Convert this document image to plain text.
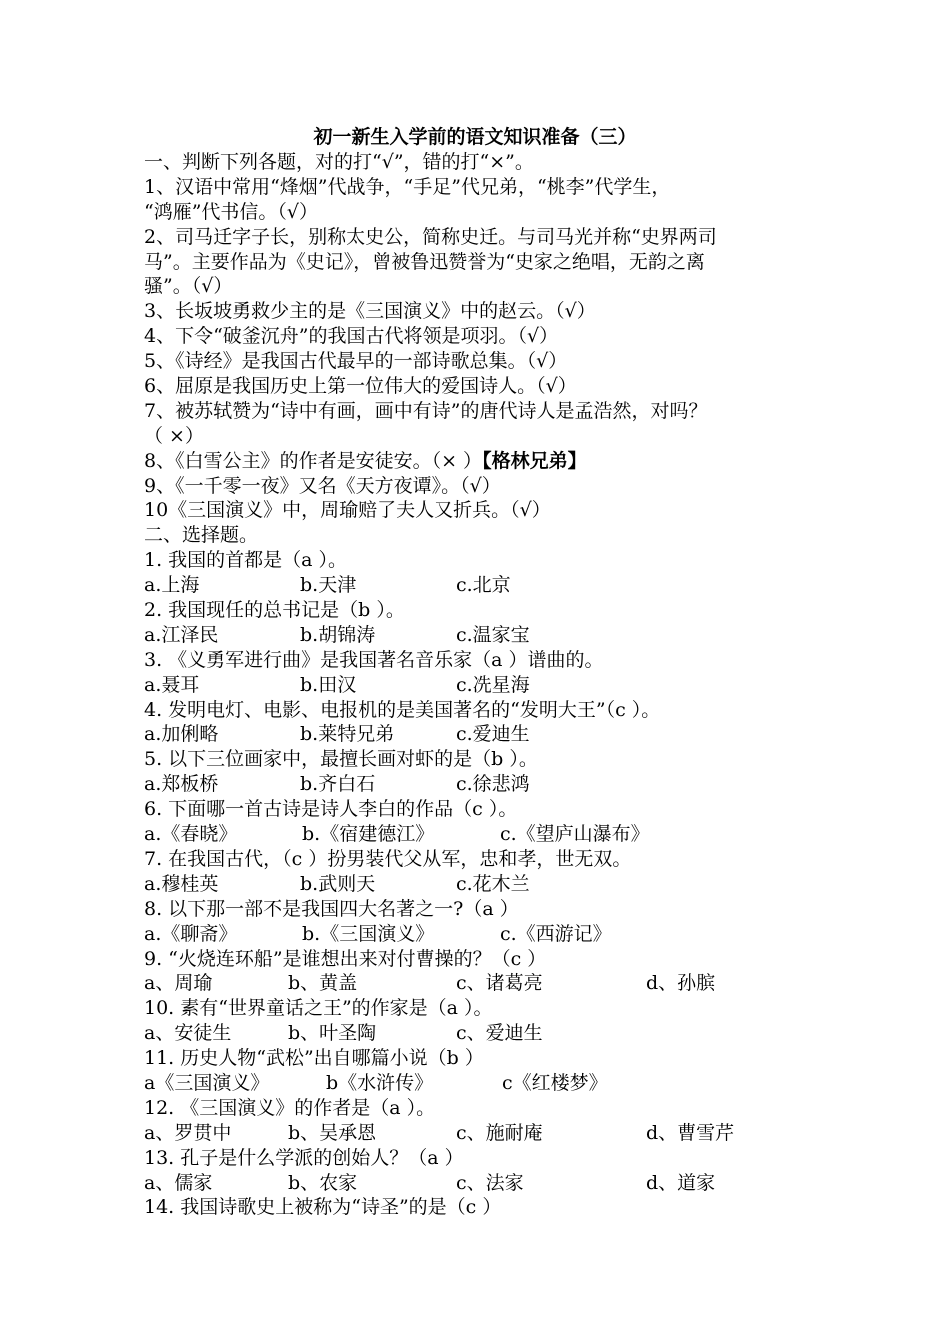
初一新生入学前的语文知识准备（三）
一、判断下列各题，对的打“√”，错的打“×”。
1、汉语中常用“烽烟”代战争，“手足”代兄弟，“桃李”代学生，
“鸿雁”代书信。（√）
2、司马迁字子长，别称太史公，简称史迁。与司马光并称“史界两司
马”。主要作品为《史记》，曾被鲁迅赞誉为“史家之绝唱，无韵之离
骚”。（√）
3、长坂坡勇救少主的是《三国演义》中的赵云。（√）
4、下令“破釜沉舟”的我国古代将领是项羽。（√）
5、《诗经》是我国古代最早的一部诗歌总集。（√）
6、屈原是我国历史上第一位伟大的爱国诗人。（√）
7、被苏轼赞为“诗中有画，画中有诗”的唐代诗人是孟浩然，对吗？
（ ×）
8、《白雪公主》的作者是安徒安。（× ）【格林兄弟】
9、《一千零一夜》又名《天方夜谭》。（√）
10《三国演义》中，周瑜赔了夫人又折兵。（√）
二、选择题。
1. 我国的首都是（a ）。
a.上海	b.天津	c.北京
2. 我国现任的总书记是（b ）。
a.江泽民	b.胡锦涛	c.温家宝
3. 《义勇军进行曲》是我国著名音乐家（a ）谱曲的。
a.聂耳	b.田汉	c.冼星海
4. 发明电灯、电影、电报机的是美国著名的“发明大王”（c ）。
a.加俐略	b.莱特兄弟	c.爱迪生
5. 以下三位画家中，最擅长画对虾的是（b ）。
a.郑板桥	b.齐白石	c.徐悲鸿
6. 下面哪一首古诗是诗人李白的作品（c ）。
a.《春晓》	b.《宿建德江》	c.《望庐山瀑布》
7. 在我国古代，（c ）扮男装代父从军，忠和孝，世无双。
a.穆桂英	b.武则天	c.花木兰
8. 以下那一部不是我国四大名著之一?（a ）
a.《聊斋》	b.《三国演义》	c.《西游记》
9. “火烧连环船”是谁想出来对付曹操的？（c ）
a、周瑜	b、黄盖	c、诸葛亮	d、孙膑
10. 素有“世界童话之王”的作家是（a ）。
a、安徒生	b、叶圣陶	c、爱迪生
11. 历史人物“武松”出自哪篇小说（b ）
a《三国演义》	b《水浒传》	c《红楼梦》
12. 《三国演义》的作者是（a ）。
a、罗贯中	b、吴承恩	c、施耐庵	d、曹雪芹
13. 孔子是什么学派的创始人？（a ）
a、儒家	b、农家	c、法家	d、道家
14. 我国诗歌史上被称为“诗圣”的是（c ）
